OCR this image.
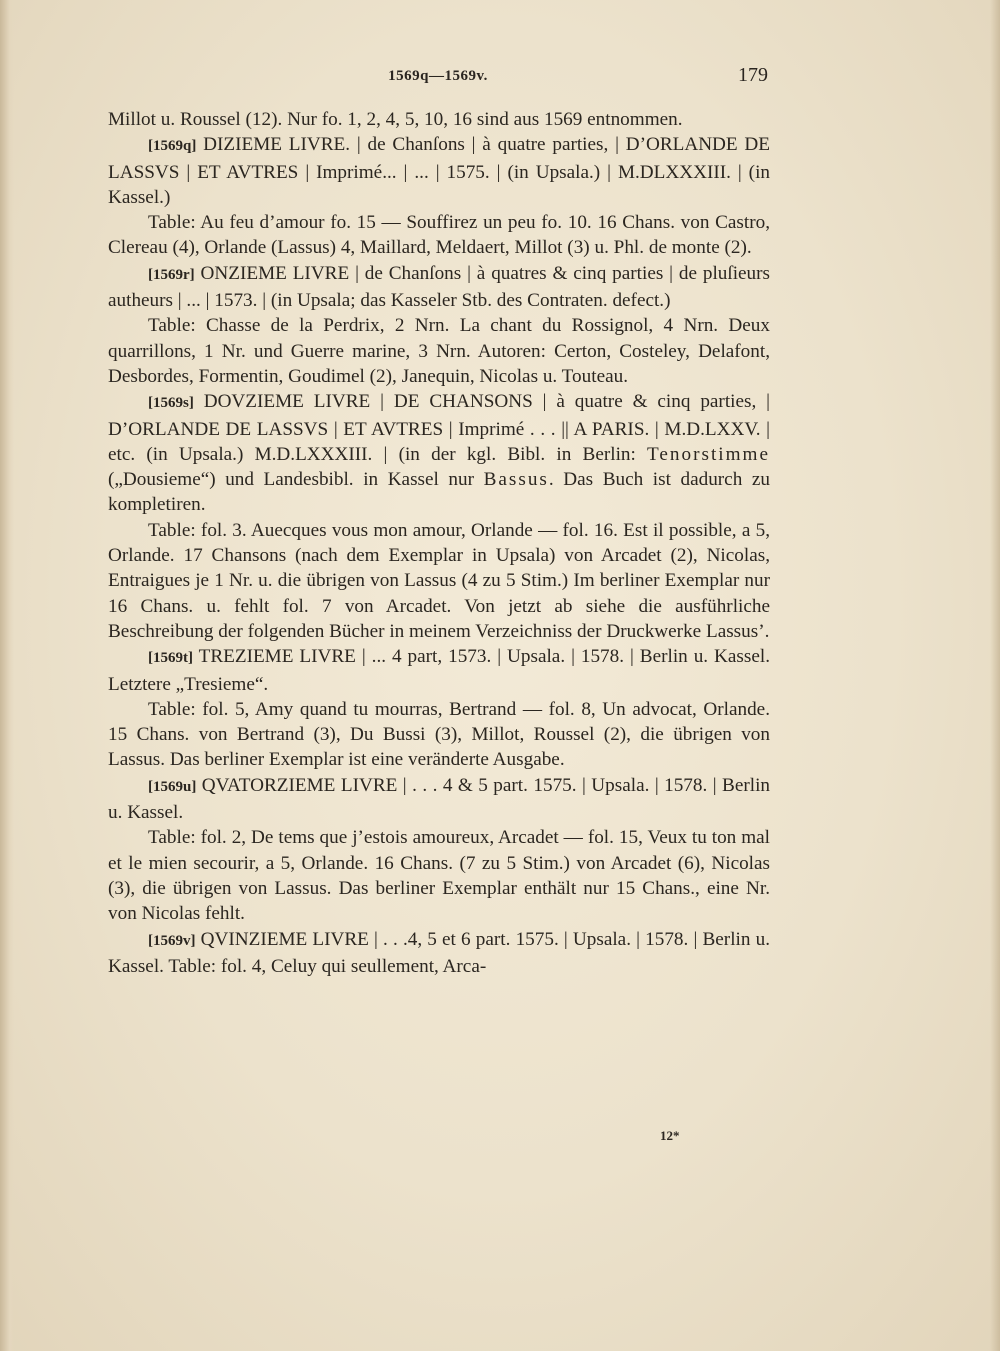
1569q—1569v.	179

Millot u. Roussel (12). Nur fo. 1, 2, 4, 5, 10, 16 sind aus 1569 entnommen.

[1569q] DIZIEME LIVRE. | de Chanſons | à quatre parties, | D’ORLANDE DE LASSVS | ET AVTRES | Imprimé... | ... | 1575. | (in Upsala.) | M.DLXXXIII. | (in Kassel.)

Table: Au feu d’amour fo. 15 — Souffirez un peu fo. 10. 16 Chans. von Castro, Clereau (4), Orlande (Lassus) 4, Maillard, Meldaert, Millot (3) u. Phl. de monte (2).

[1569r] ONZIEME LIVRE | de Chanſons | à quatres & cinq parties | de pluſieurs autheurs | ... | 1573. | (in Upsala; das Kasseler Stb. des Contraten. defect.)

Table: Chasse de la Perdrix, 2 Nrn. La chant du Rossignol, 4 Nrn. Deux quarrillons, 1 Nr. und Guerre marine, 3 Nrn. Autoren: Certon, Costeley, Delafont, Desbordes, Formentin, Goudimel (2), Janequin, Nicolas u. Touteau.

[1569s] DOVZIEME LIVRE | DE CHANSONS | à quatre & cinq parties, | D’ORLANDE DE LASSVS | ET AVTRES | Imprimé . . . || A PARIS. | M.D.LXXV. | etc. (in Upsala.) M.D.LXXXIII. | (in der kgl. Bibl. in Berlin: Tenorstimme („Dousieme“) und Landesbibl. in Kassel nur Bassus. Das Buch ist dadurch zu kompletiren.

Table: fol. 3. Auecques vous mon amour, Orlande — fol. 16. Est il possible, a 5, Orlande. 17 Chansons (nach dem Exemplar in Upsala) von Arcadet (2), Nicolas, Entraigues je 1 Nr. u. die übrigen von Lassus (4 zu 5 Stim.) Im berliner Exemplar nur 16 Chans. u. fehlt fol. 7 von Arcadet. Von jetzt ab siehe die ausführliche Beschreibung der folgenden Bücher in meinem Verzeichniss der Druckwerke Lassus’.

[1569t] TREZIEME LIVRE | ... 4 part, 1573. | Upsala. | 1578. | Berlin u. Kassel. Letztere „Tresieme“.

Table: fol. 5, Amy quand tu mourras, Bertrand — fol. 8, Un advocat, Orlande. 15 Chans. von Bertrand (3), Du Bussi (3), Millot, Roussel (2), die übrigen von Lassus. Das berliner Exemplar ist eine veränderte Ausgabe.

[1569u] QVATORZIEME LIVRE | . . . 4 & 5 part. 1575. | Upsala. | 1578. | Berlin u. Kassel.

Table: fol. 2, De tems que j’estois amoureux, Arcadet — fol. 15, Veux tu ton mal et le mien secourir, a 5, Orlande. 16 Chans. (7 zu 5 Stim.) von Arcadet (6), Nicolas (3), die übrigen von Lassus. Das berliner Exemplar enthält nur 15 Chans., eine Nr. von Nicolas fehlt.

[1569v] QVINZIEME LIVRE | . . .4, 5 et 6 part. 1575. | Upsala. | 1578. | Berlin u. Kassel. Table: fol. 4, Celuy qui seullement, Arca-

12*
